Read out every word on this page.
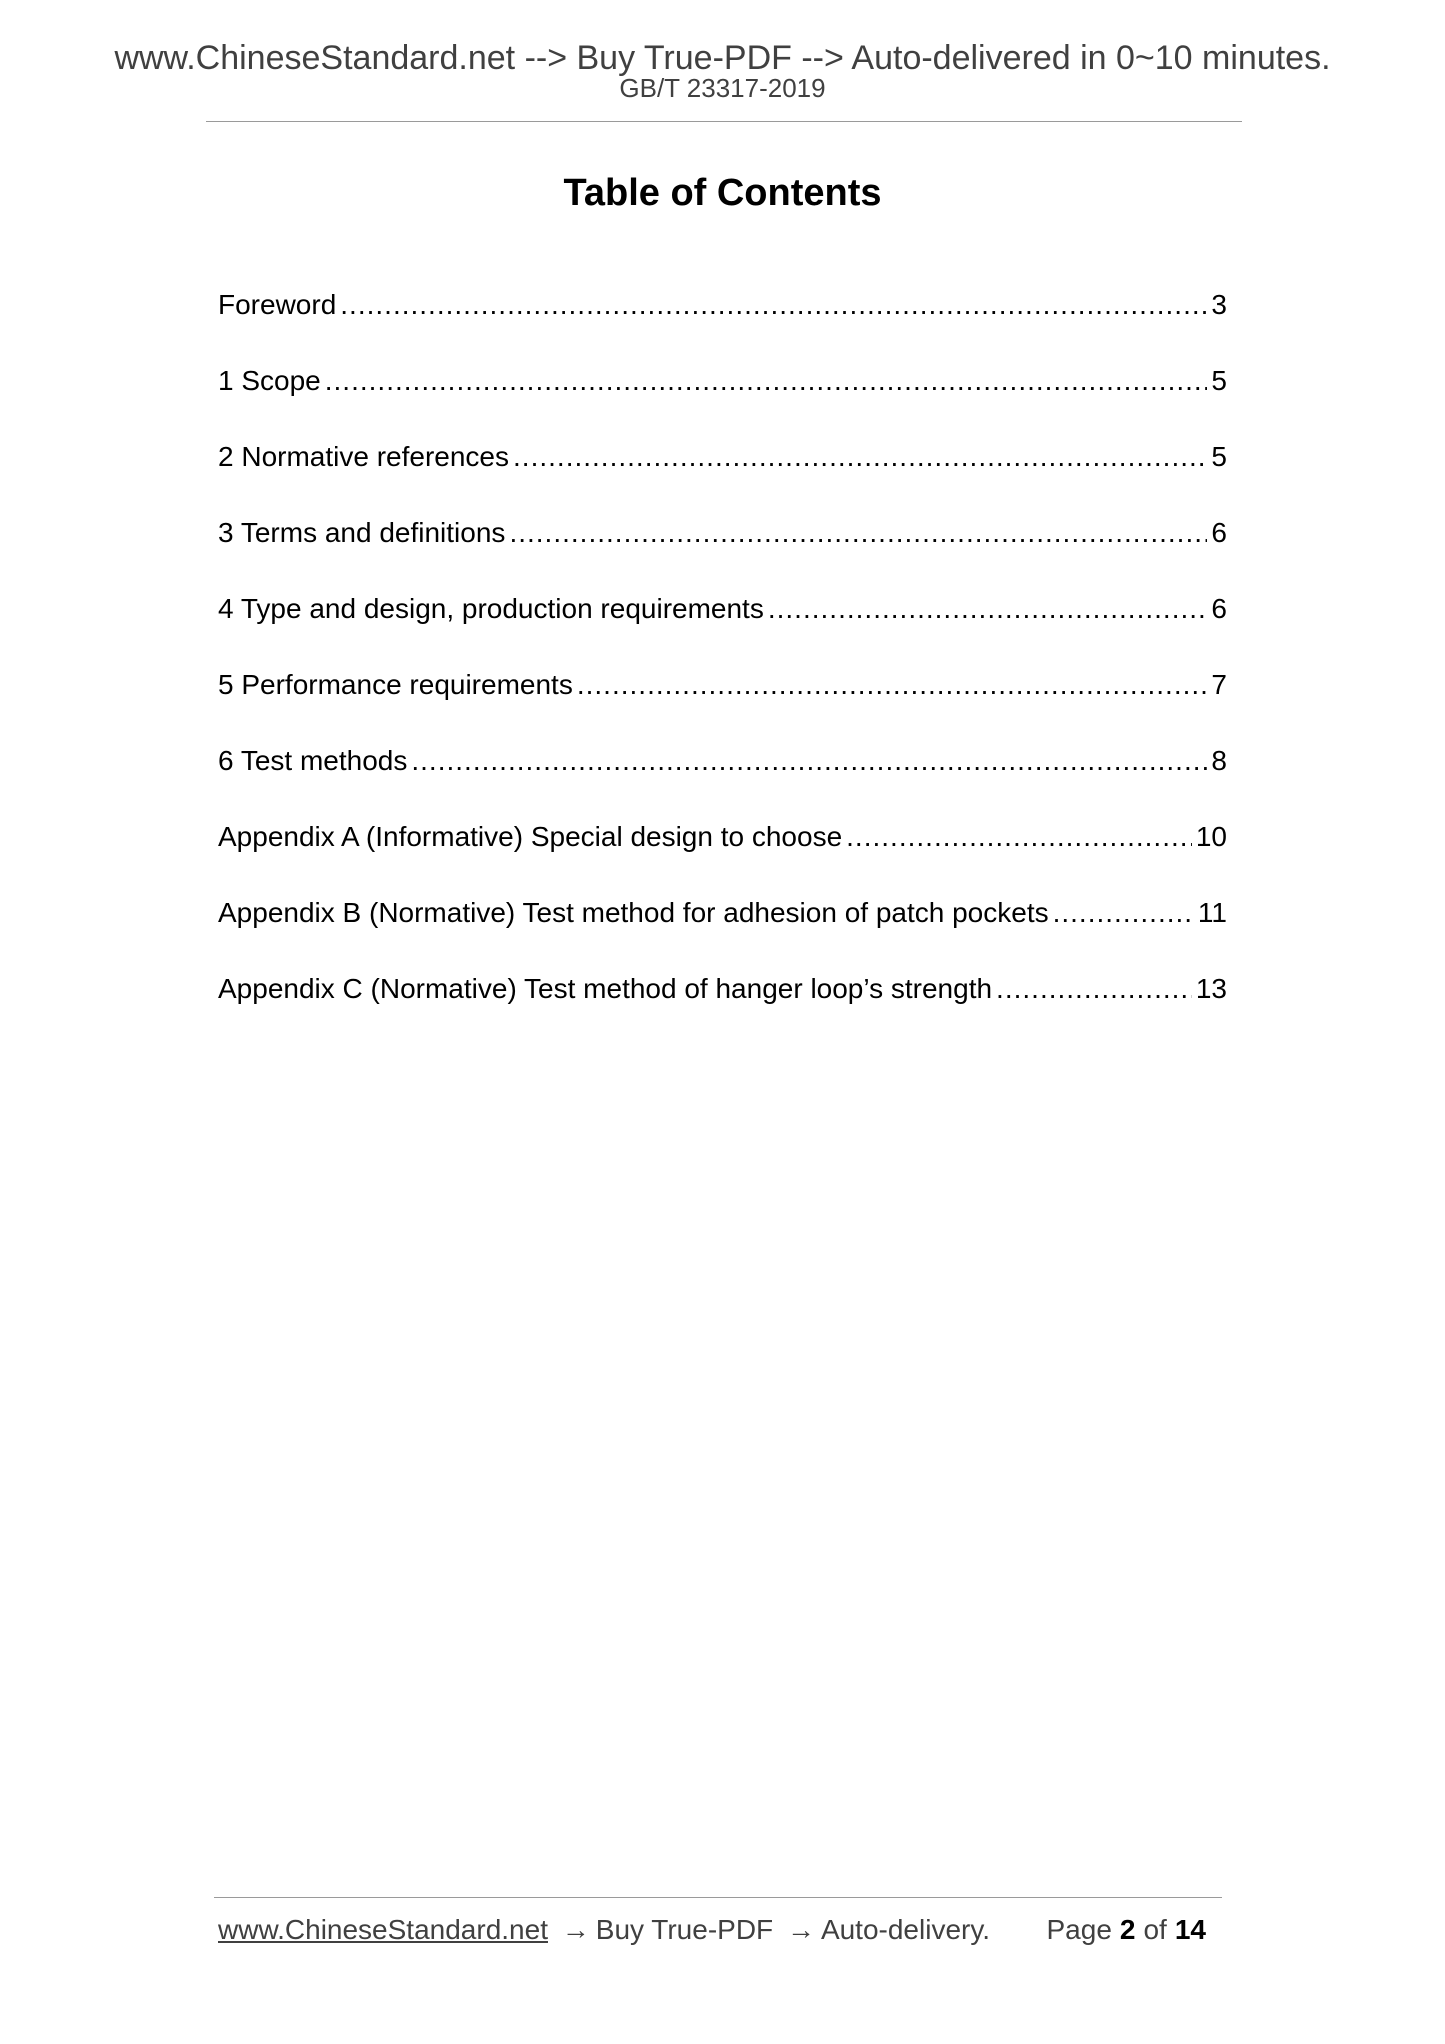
www.ChineseStandard.net --> Buy True-PDF --> Auto-delivered in 0~10 minutes.
GB/T 23317-2019
Table of Contents
Foreword .....	3
1 Scope .....	5
2 Normative references .....	5
3 Terms and definitions .....	6
4 Type and design, production requirements .....	6
5 Performance requirements .....	7
6 Test methods .....	8
Appendix A (Informative) Special design to choose .....	10
Appendix B (Normative) Test method for adhesion of patch pockets .....	11
Appendix C (Normative) Test method of hanger loop’s strength .....	13
www.ChineseStandard.net → Buy True-PDF → Auto-delivery. Page 2 of 14
